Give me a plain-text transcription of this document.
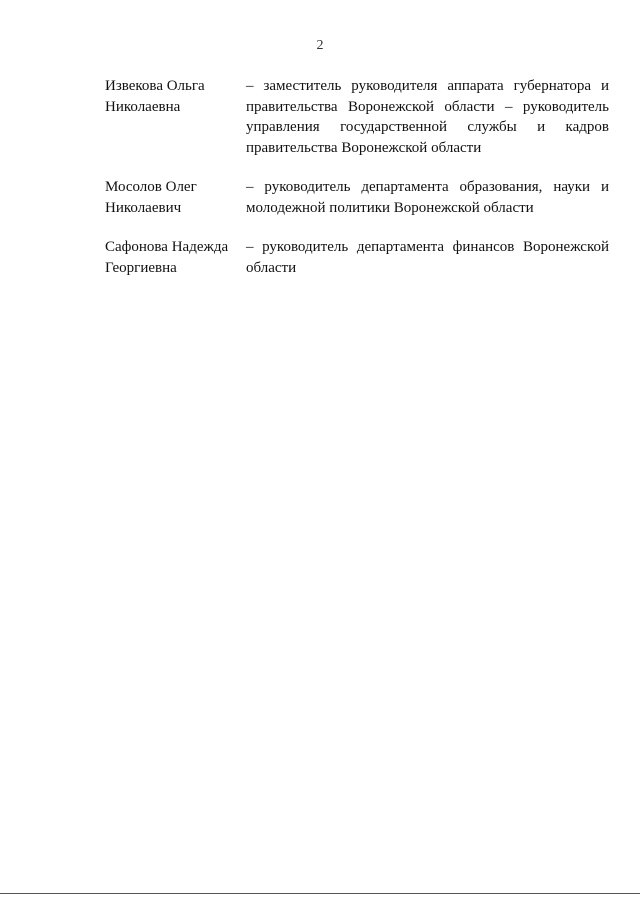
2
Извекова Ольга
Николаевна
– заместитель руководителя аппарата губернатора и
правительства Воронежской области – руководитель
управления государственной службы и кадров
правительства Воронежской области
Мосолов Олег
Николаевич
– руководитель департамента образования, науки и
молодежной политики Воронежской области
Сафонова Надежда
Георгиевна
– руководитель департамента финансов Воронежской
области
